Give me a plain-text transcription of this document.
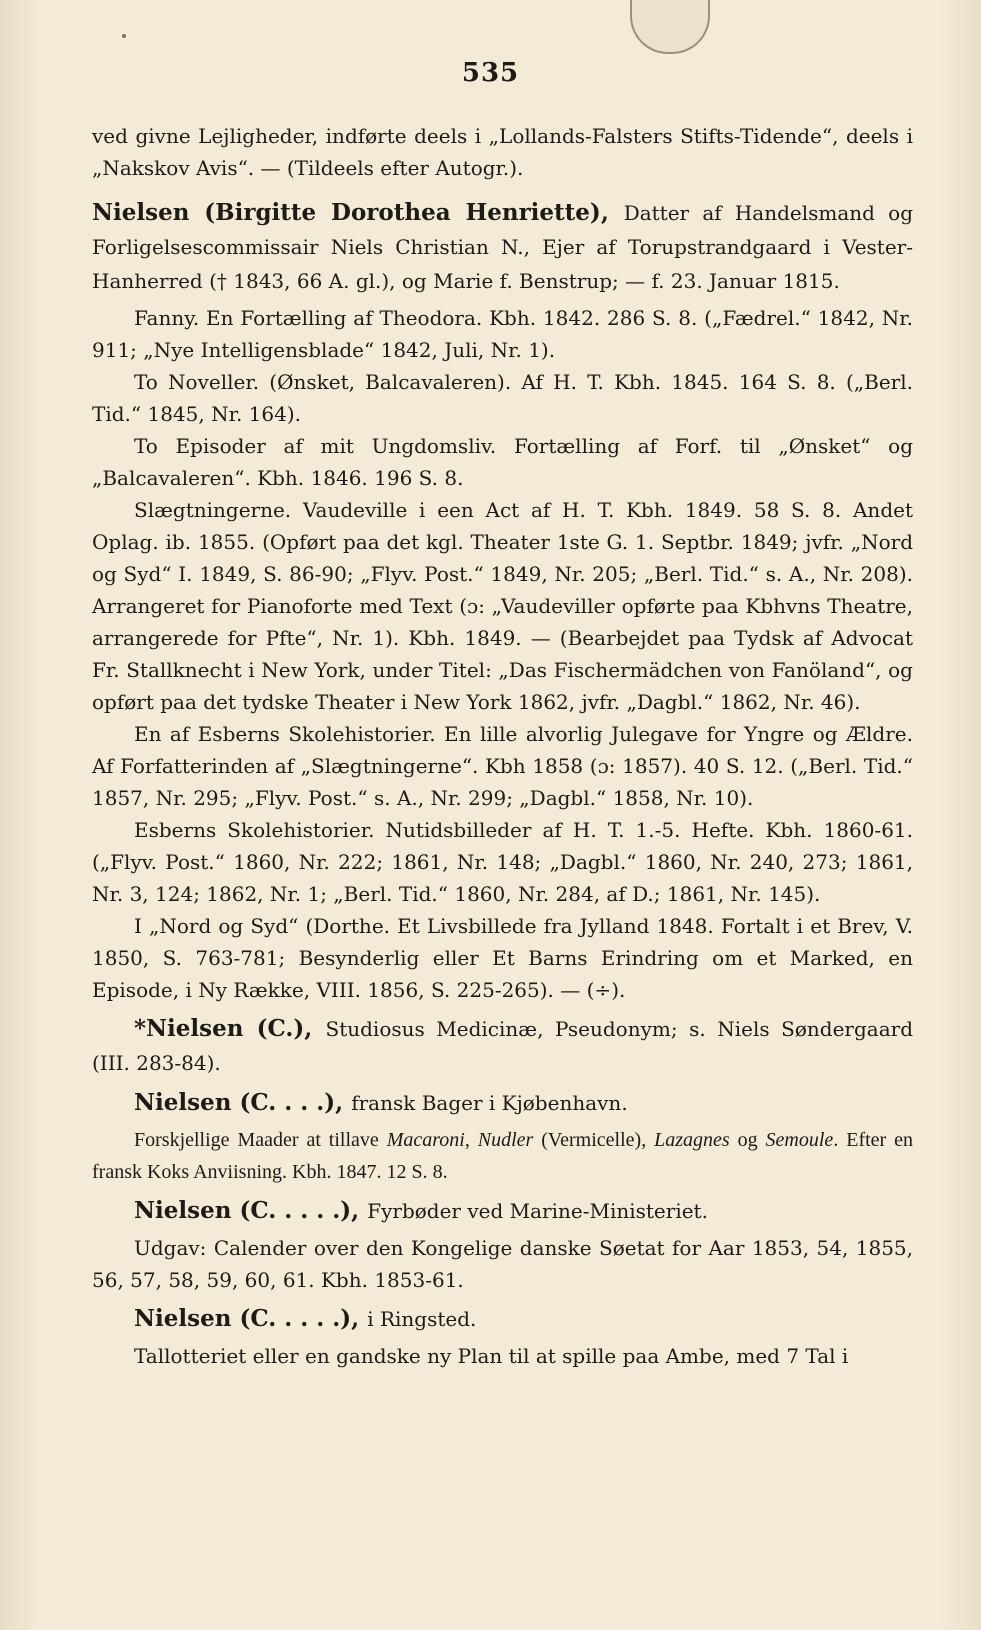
535

ved givne Lejligheder, indførte deels i „Lollands-Falsters Stifts-Tidende“, deels i „Nakskov Avis“. — (Tildeels efter Autogr.).

Nielsen (Birgitte Dorothea Henriette), Datter af Handelsmand og Forligelsescommissair Niels Christian N., Ejer af Torupstrandgaard i Vester-Hanherred († 1843, 66 A. gl.), og Marie f. Benstrup; — f. 23. Januar 1815.

Fanny. En Fortælling af Theodora. Kbh. 1842. 286 S. 8. („Fædrel.“ 1842, Nr. 911; „Nye Intelligensblade“ 1842, Juli, Nr. 1).

To Noveller. (Ønsket, Balcavaleren). Af H. T. Kbh. 1845. 164 S. 8. („Berl. Tid.“ 1845, Nr. 164).

To Episoder af mit Ungdomsliv. Fortælling af Forf. til „Ønsket“ og „Balcavaleren“. Kbh. 1846. 196 S. 8.

Slægtningerne. Vaudeville i een Act af H. T. Kbh. 1849. 58 S. 8. Andet Oplag. ib. 1855. (Opført paa det kgl. Theater 1ste G. 1. Septbr. 1849; jvfr. „Nord og Syd“ I. 1849, S. 86-90; „Flyv. Post.“ 1849, Nr. 205; „Berl. Tid.“ s. A., Nr. 208). Arrangeret for Pianoforte med Text (ɔ: „Vaudeviller opførte paa Kbhvns Theatre, arrangerede for Pfte“, Nr. 1). Kbh. 1849. — (Bearbejdet paa Tydsk af Advocat Fr. Stallknecht i New York, under Titel: „Das Fischermädchen von Fanöland“, og opført paa det tydske Theater i New York 1862, jvfr. „Dagbl.“ 1862, Nr. 46).

En af Esberns Skolehistorier. En lille alvorlig Julegave for Yngre og Ældre. Af Forfatterinden af „Slægtningerne“. Kbh 1858 (ɔ: 1857). 40 S. 12. („Berl. Tid.“ 1857, Nr. 295; „Flyv. Post.“ s. A., Nr. 299; „Dagbl.“ 1858, Nr. 10).

Esberns Skolehistorier. Nutidsbilleder af H. T. 1.-5. Hefte. Kbh. 1860-61. („Flyv. Post.“ 1860, Nr. 222; 1861, Nr. 148; „Dagbl.“ 1860, Nr. 240, 273; 1861, Nr. 3, 124; 1862, Nr. 1; „Berl. Tid.“ 1860, Nr. 284, af D.; 1861, Nr. 145).

I „Nord og Syd“ (Dorthe. Et Livsbillede fra Jylland 1848. Fortalt i et Brev, V. 1850, S. 763-781; Besynderlig eller Et Barns Erindring om et Marked, en Episode, i Ny Række, VIII. 1856, S. 225-265). — (÷).

*Nielsen (C.), Studiosus Medicinæ, Pseudonym; s. Niels Søndergaard (III. 283-84).

Nielsen (C. . . .), fransk Bager i Kjøbenhavn.

Forskjellige Maader at tillave Macaroni, Nudler (Vermicelle), Lazagnes og Semoule. Efter en fransk Koks Anviisning. Kbh. 1847. 12 S. 8.

Nielsen (C. . . . .), Fyrbøder ved Marine-Ministeriet.

Udgav: Calender over den Kongelige danske Søetat for Aar 1853, 54, 1855, 56, 57, 58, 59, 60, 61. Kbh. 1853-61.

Nielsen (C. . . . .), i Ringsted.

Tallotteriet eller en gandske ny Plan til at spille paa Ambe, med 7 Tal i
